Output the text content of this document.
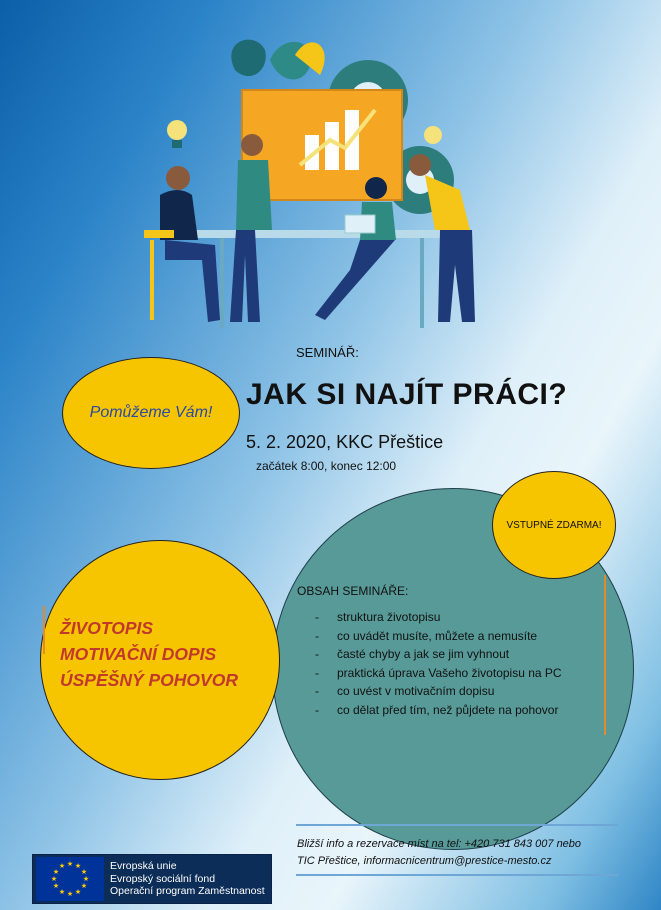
SEMINÁŘ:
JAK SI NAJÍT PRÁCI?
5. 2. 2020, KKC Přeštice
začátek 8:00, konec 12:00
Pomůžeme Vám!
VSTUPNÉ ZDARMA!
ŽIVOTOPIS
MOTIVAČNÍ DOPIS
ÚSPĚŠNÝ POHOVOR
OBSAH SEMINÁŘE:
- struktura životopisu
- co uvádět musíte, můžete a nemusíte
- časté chyby a jak se jim vyhnout
- praktická úprava Vašeho životopisu na PC
- co uvést v motivačním dopisu
- co dělat před tím, než půjdete na pohovor
Bližší info a rezervace míst na tel: +420 731 843 007 nebo
TIC Přeštice, informacnicentrum@prestice-mesto.cz
★ ★
★
★
★
★
★
★
★
★
★
★	Evropská unie
Evropský sociální fond
Operační program Zaměstnanost
